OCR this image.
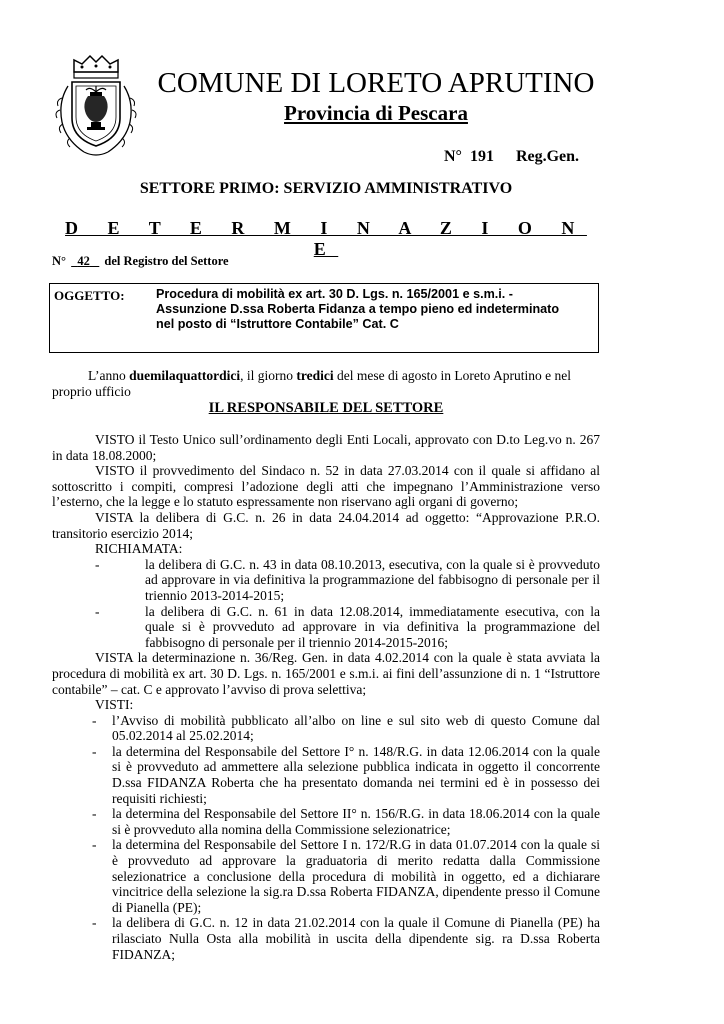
COMUNE DI LORETO APRUTINO
Provincia di Pescara
N° 191 Reg.Gen.
SETTORE PRIMO: SERVIZIO AMMINISTRATIVO
D E T E R M I N A Z I O N E
N° 42 del Registro del Settore
OGGETTO: Procedura di mobilità ex art. 30 D. Lgs. n. 165/2001 e s.m.i. -
Assunzione D.ssa Roberta Fidanza a tempo pieno ed indeterminato
nel posto di “Istruttore Contabile” Cat. C
L’anno duemilaquattordici, il giorno tredici del mese di agosto in Loreto Aprutino e nel proprio ufficio
IL RESPONSABILE DEL SETTORE

VISTO il Testo Unico sull’ordinamento degli Enti Locali, approvato con D.to Leg.vo n. 267 in data 18.08.2000;

VISTO il provvedimento del Sindaco n. 52 in data 27.03.2014 con il quale si affidano al sottoscritto i compiti, compresi l’adozione degli atti che impegnano l’Amministrazione verso l’esterno, che la legge e lo statuto espressamente non riservano agli organi di governo;

VISTA la delibera di G.C. n. 26 in data 24.04.2014 ad oggetto: “Approvazione P.R.O. transitorio esercizio 2014;

RICHIAMATA:

-	la delibera di G.C. n. 43 in data 08.10.2013, esecutiva, con la quale si è provveduto ad approvare in via definitiva la programmazione del fabbisogno di personale per il triennio 2013-2014-2015;
-	la delibera di G.C. n. 61 in data 12.08.2014, immediatamente esecutiva, con la quale si è provveduto ad approvare in via definitiva la programmazione del fabbisogno di personale per il triennio 2014-2015-2016;

VISTA la determinazione n. 36/Reg. Gen. in data 4.02.2014 con la quale è stata avviata la procedura di mobilità ex art. 30 D. Lgs. n. 165/2001 e s.m.i. ai fini dell’assunzione di n. 1 “Istruttore contabile” – cat. C e approvato l’avviso di prova selettiva;

VISTI:

- l’Avviso di mobilità pubblicato all’albo on line e sul sito web di questo Comune dal 05.02.2014 al 25.02.2014;
- la determina del Responsabile del Settore I° n. 148/R.G. in data 12.06.2014 con la quale si è provveduto ad ammettere alla selezione pubblica indicata in oggetto il concorrente D.ssa FIDANZA Roberta che ha presentato domanda nei termini ed è in possesso dei requisiti richiesti;
- la determina del Responsabile del Settore II° n. 156/R.G. in data 18.06.2014 con la quale si è provveduto alla nomina della Commissione selezionatrice;
- la determina del Responsabile del Settore I n. 172/R.G in data 01.07.2014 con la quale si è provveduto ad approvare la graduatoria di merito redatta dalla Commissione selezionatrice a conclusione della procedura di mobilità in oggetto, ed a dichiarare vincitrice della selezione la sig.ra D.ssa Roberta FIDANZA, dipendente presso il Comune di Pianella (PE);
- la delibera di G.C. n. 12 in data 21.02.2014 con la quale il Comune di Pianella (PE) ha rilasciato Nulla Osta alla mobilità in uscita della dipendente sig. ra D.ssa Roberta FIDANZA;
